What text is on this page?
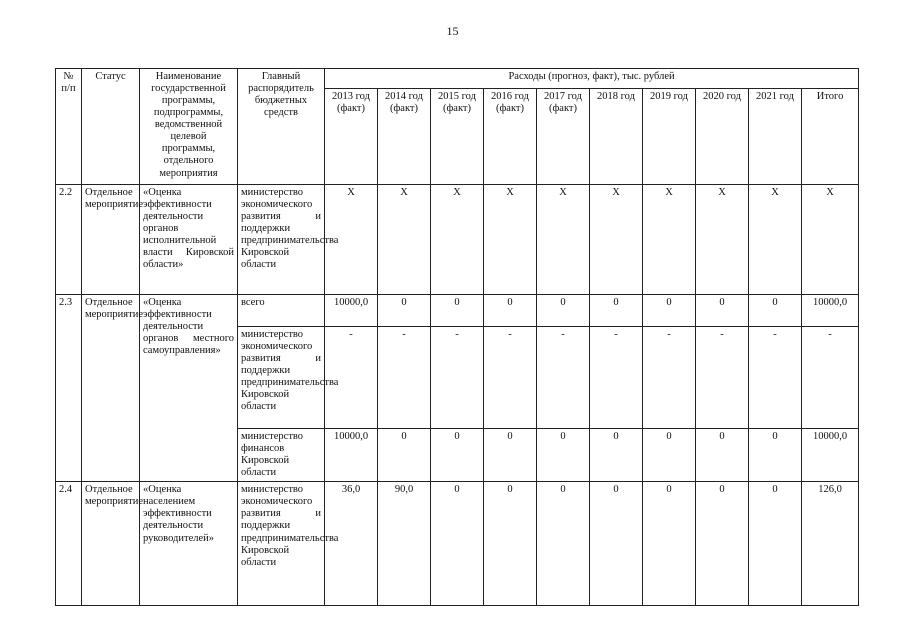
15
№ п/п	Статус	Наименование государственной программы, подпрограммы, ведомственной целевой программы, отдельного мероприятия	Главный распорядитель бюджетных средств	Расходы (прогноз, факт), тыс. рублей									
				2013 год (факт)	2014 год (факт)	2015 год (факт)	2016 год (факт)	2017 год (факт)	2018 год	2019 год	2020 год	2021 год	Итого
2.2	Отдельное мероприятие	«Оценка эффективности деятельности органов исполнительной власти Кировской области»	министерство экономического развития и поддержки предпринимательства Кировской области	Х	Х	Х	Х	Х	Х	Х	Х	Х	Х
2.3	Отдельное мероприятие	«Оценка эффективности деятельности органов местного самоуправления»	всего	10000,0	0	0	0	0	0	0	0	0	10000,0
			министерство экономического развития и поддержки предпринимательства Кировской области	-	-	-	-	-	-	-	-	-	-
			министерство финансов Кировской области	10000,0	0	0	0	0	0	0	0	0	10000,0
2.4	Отдельное мероприятие	«Оценка населением эффективности деятельности руководителей»	министерство экономического развития и поддержки предпринимательства Кировской области	36,0	90,0	0	0	0	0	0	0	0	126,0
